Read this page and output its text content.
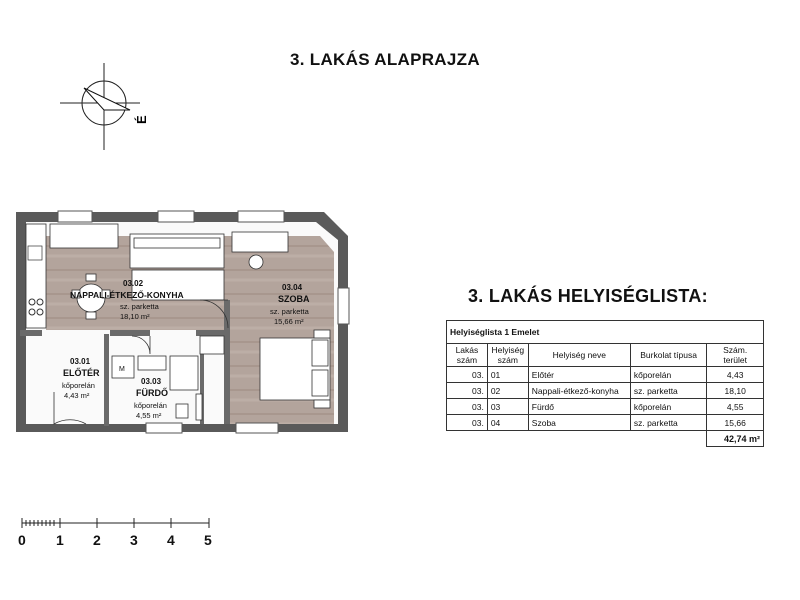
3. LAKÁS ALAPRAJZA
3. LAKÁS HELYISÉGLISTA:
É
M
03.02
NAPPALI-ÉTKEZŐ-KONYHA
sz. parketta
18,10 m²
03.04
SZOBA
sz. parketta
15,66 m²
03.01
ELŐTÉR
kőporelán
4,43 m²
03.03
FÜRDŐ
kőporelán
4,55 m²
Helyiséglista 1 Emelet				
Lakás szám	Helyiség szám	Helyiség neve	Burkolat típusa	Szám. terület
03.	01	Előtér	kőporelán	4,43
03.	02	Nappali-étkező-konyha	sz. parketta	18,10
03.	03	Fürdő	kőporelán	4,55
03.	04	Szoba	sz. parketta	15,66
				42,74 m²
0 1 2 3 4 5
